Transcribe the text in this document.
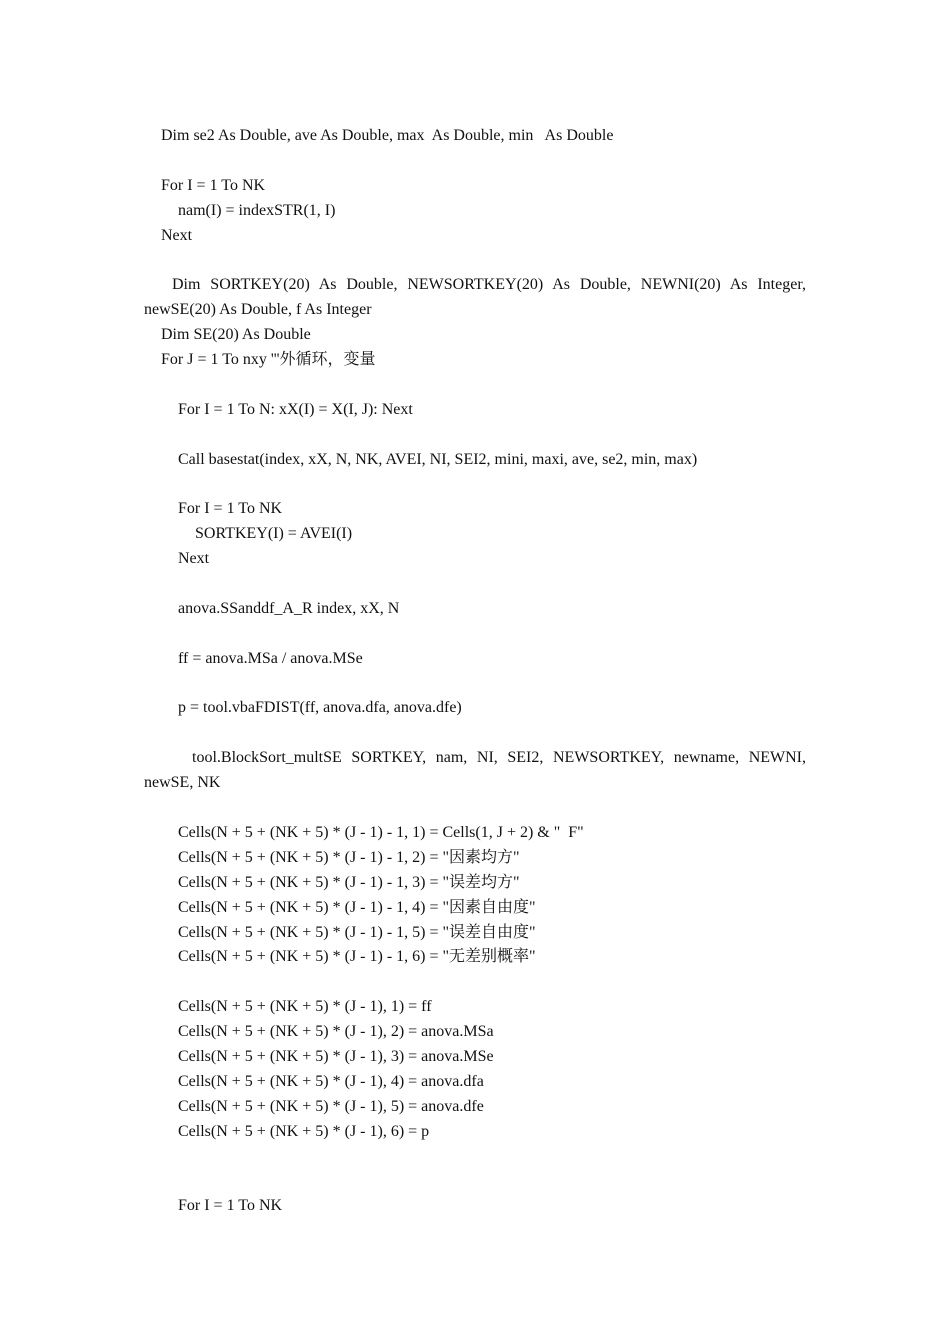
Dim se2 As Double, ave As Double, max  As Double, min   As Double
For I = 1 To NK
nam(I) = indexSTR(1, I)
Next
Dim SORTKEY(20) As Double, NEWSORTKEY(20) As Double, NEWNI(20) As Integer,
newSE(20) As Double, f As Integer
Dim SE(20) As Double
For J = 1 To nxy '''外循环，变量
For I = 1 To N: xX(I) = X(I, J): Next
Call basestat(index, xX, N, NK, AVEI, NI, SEI2, mini, maxi, ave, se2, min, max)
For I = 1 To NK
SORTKEY(I) = AVEI(I)
Next
anova.SSanddf_A_R index, xX, N
ff = anova.MSa / anova.MSe
p = tool.vbaFDIST(ff, anova.dfa, anova.dfe)
tool.BlockSort_multSE SORTKEY, nam, NI, SEI2, NEWSORTKEY, newname, NEWNI,
newSE, NK
Cells(N + 5 + (NK + 5) * (J - 1) - 1, 1) = Cells(1, J + 2) & "  F"
Cells(N + 5 + (NK + 5) * (J - 1) - 1, 2) = "因素均方"
Cells(N + 5 + (NK + 5) * (J - 1) - 1, 3) = "误差均方"
Cells(N + 5 + (NK + 5) * (J - 1) - 1, 4) = "因素自由度"
Cells(N + 5 + (NK + 5) * (J - 1) - 1, 5) = "误差自由度"
Cells(N + 5 + (NK + 5) * (J - 1) - 1, 6) = "无差别概率"
Cells(N + 5 + (NK + 5) * (J - 1), 1) = ff
Cells(N + 5 + (NK + 5) * (J - 1), 2) = anova.MSa
Cells(N + 5 + (NK + 5) * (J - 1), 3) = anova.MSe
Cells(N + 5 + (NK + 5) * (J - 1), 4) = anova.dfa
Cells(N + 5 + (NK + 5) * (J - 1), 5) = anova.dfe
Cells(N + 5 + (NK + 5) * (J - 1), 6) = p
For I = 1 To NK
